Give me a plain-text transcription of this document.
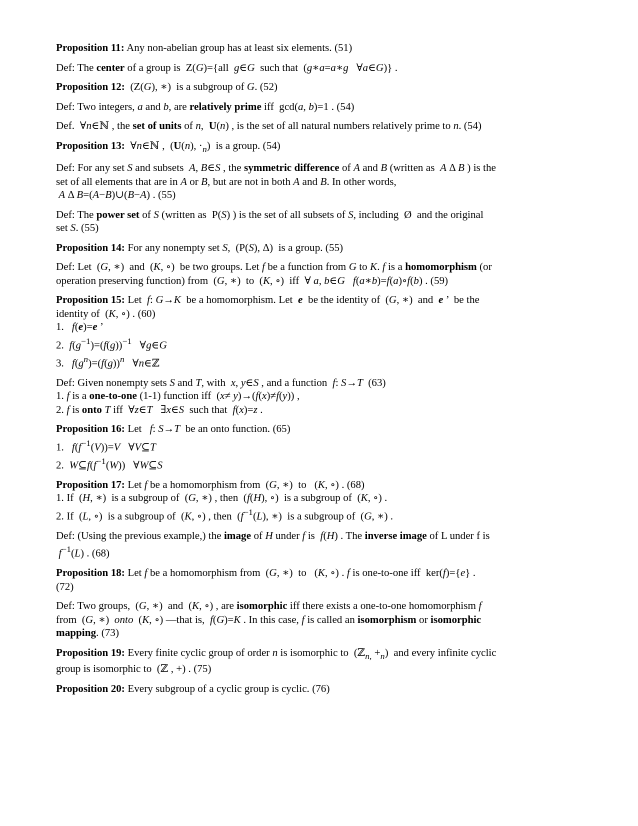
Proposition 11: Any non-abelian group has at least six elements. (51)

Def: The center of a group is  Z(G)={all  g∈G  such that  (g∗a=a∗g   ∀a∈G)} .

Proposition 12:  (Z(G), ∗)  is a subgroup of G. (52)

Def: Two integers, a and b, are relatively prime iff  gcd(a, b)=1 . (54)

Def.  ∀n∈ℕ , the set of units of n,  U(n) , is the set of all natural numbers relatively prime to n. (54)

Proposition 13:  ∀n∈ℕ ,  (U(n), $\cdot_n$)  is a group. (54)

Def: For any set S and subsets  A, B∈S , the symmetric difference of A and B (written as  A Δ B ) is the

set of all elements that are in A or B, but are not in both A and B. In other words,

A Δ B=(A−B)∪(B−A) . (55)

Def: The power set of S (written as  P(S) ) is the set of all subsets of S, including  Ø  and the original

set S. (55)

Proposition 14: For any nonempty set S,  (P(S), Δ)  is a group. (55)

Def: Let  (G, ∗)  and  (K, ∘)  be two groups. Let f be a function from G to K. f is a homomorphism (or

operation preserving function) from  (G, ∗)  to  (K, ∘)  iff  ∀ a, b∈G f(a∗b)=f(a)∘f(b) . (59)

Proposition 15: Let  f: G→K  be a homomorphism. Let  e  be the identity of  (G, ∗)  and  e ’  be the

identity of  (K, ∘) . (60)

1.   f(e)=e ’

2.  $f(g^{-1})=(f(g))^{-1}$   ∀g∈G

3.   $f(g^n)=(f(g))^n$   ∀n∈ℤ

Def: Given nonempty sets S and T, with  x, y∈S , and a function  f: S→T  (63)

1. f is a one-to-one (1-1) function iff  (x≠ y)→(f(x)≠f(y)) ,

2. f is onto T iff  ∀z∈T   ∃x∈S  such that  f(x)=z .

Proposition 16: Let   f: S→T  be an onto function. (65)

1.   $f(f^{-1}(V))=V$   ∀V⊆T

2.  $W⊆f(f^{-1}(W))$   ∀W⊆S

Proposition 17: Let f be a homomorphism from  (G, ∗)  to   (K, ∘) . (68)

1. If  (H, ∗)  is a subgroup of  (G, ∗) , then  (f(H), ∘)  is a subgroup of  (K, ∘) .

2. If  (L, ∘)  is a subgroup of  (K, ∘) , then  ($f^{-1}(L)$, ∗)  is a subgroup of  (G, ∗) .

Def: (Using the previous example,) the image of H under f is  f(H) . The inverse image of L under f is

$f^{-1}(L)$ . (68)

Proposition 18: Let f be a homomorphism from  (G, ∗)  to   (K, ∘) . f is one-to-one iff  ker(f)={e} .

(72)

Def: Two groups,  (G, ∗)  and  (K, ∘) , are isomorphic iff there exists a one-to-one homomorphism f

from  (G, ∗)  onto  (K, ∘) —that is,  f(G)=K . In this case, f is called an isomorphism or isomorphic

mapping. (73)

Proposition 19: Every finite cyclic group of order n is isomorphic to  (ℤ$_{n,}$ $+_n$)  and every infinite cyclic

group is isomorphic to  (ℤ , +) . (75)

Proposition 20: Every subgroup of a cyclic group is cyclic. (76)
